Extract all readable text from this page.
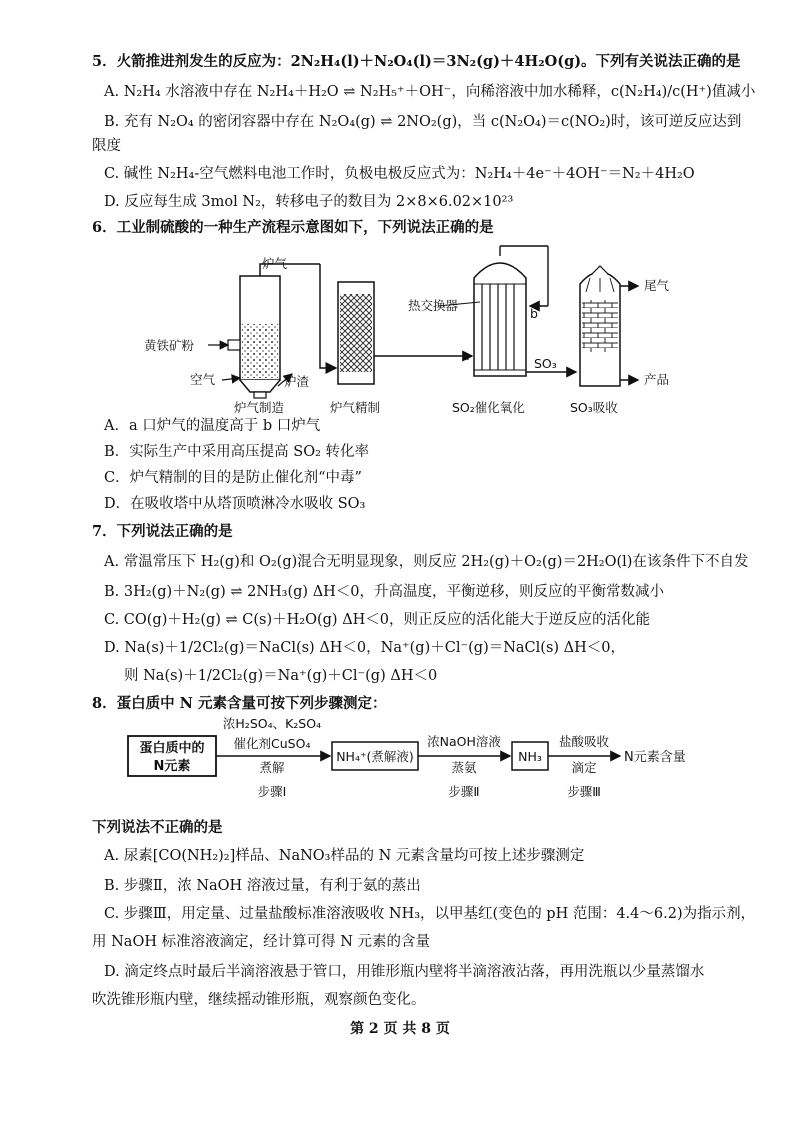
5．火箭推进剂发生的反应为：2N₂H₄(l)＋N₂O₄(l)＝3N₂(g)＋4H₂O(g)。下列有关说法正确的是
A. N₂H₄ 水溶液中存在 N₂H₄＋H₂O ⇌ N₂H₅⁺＋OH⁻，向稀溶液中加水稀释，c(N₂H₄)/c(H⁺)值减小
B. 充有 N₂O₄ 的密闭容器中存在 N₂O₄(g) ⇌ 2NO₂(g)，当 c(N₂O₄)＝c(NO₂)时，该可逆反应达到
限度
C. 碱性 N₂H₄-空气燃料电池工作时，负极电极反应式为：N₂H₄＋4e⁻＋4OH⁻＝N₂＋4H₂O
D. 反应每生成 3mol N₂，转移电子的数目为 2×8×6.02×10²³
6．工业制硫酸的一种生产流程示意图如下，下列说法正确的是
炉气
黄铁矿粉
空气	炉渣
炉气制造	炉气精制
热交换器
a
b
SO₃
SO₂催化氧化
尾气
产品
SO₃吸收
A．a 口炉气的温度高于 b 口炉气
B．实际生产中采用高压提高 SO₂ 转化率
C．炉气精制的目的是防止催化剂“中毒”
D．在吸收塔中从塔顶喷淋冷水吸收 SO₃
7．下列说法正确的是
A. 常温常压下 H₂(g)和 O₂(g)混合无明显现象，则反应 2H₂(g)＋O₂(g)＝2H₂O(l)在该条件下不自发
B. 3H₂(g)＋N₂(g) ⇌ 2NH₃(g) ΔH＜0，升高温度，平衡逆移，则反应的平衡常数减小
C. CO(g)＋H₂(g) ⇌ C(s)＋H₂O(g) ΔH＜0，则正反应的活化能大于逆反应的活化能
D. Na(s)＋1/2Cl₂(g)＝NaCl(s) ΔH＜0，Na⁺(g)＋Cl⁻(g)＝NaCl(s) ΔH＜0，
则 Na(s)＋1/2Cl₂(g)＝Na⁺(g)＋Cl⁻(g) ΔH＜0
8．蛋白质中 N 元素含量可按下列步骤测定：
蛋白质中的
N元素
浓H₂SO₄、K₂SO₄
催化剂CuSO₄
煮解
NH₄⁺(煮解液)
浓NaOH溶液
蒸氨
NH₃
盐酸吸收
滴定
N元素含量
步骤Ⅰ	步骤Ⅱ	步骤Ⅲ
下列说法不正确的是
A. 尿素[CO(NH₂)₂]样品、NaNO₃样品的 N 元素含量均可按上述步骤测定
B. 步骤Ⅱ，浓 NaOH 溶液过量，有利于氨的蒸出
C. 步骤Ⅲ，用定量、过量盐酸标准溶液吸收 NH₃，以甲基红(变色的 pH 范围：4.4～6.2)为指示剂，
用 NaOH 标准溶液滴定，经计算可得 N 元素的含量
D. 滴定终点时最后半滴溶液悬于管口，用锥形瓶内壁将半滴溶液沾落，再用洗瓶以少量蒸馏水
吹洗锥形瓶内壁，继续摇动锥形瓶，观察颜色变化。
第 2 页 共 8 页
